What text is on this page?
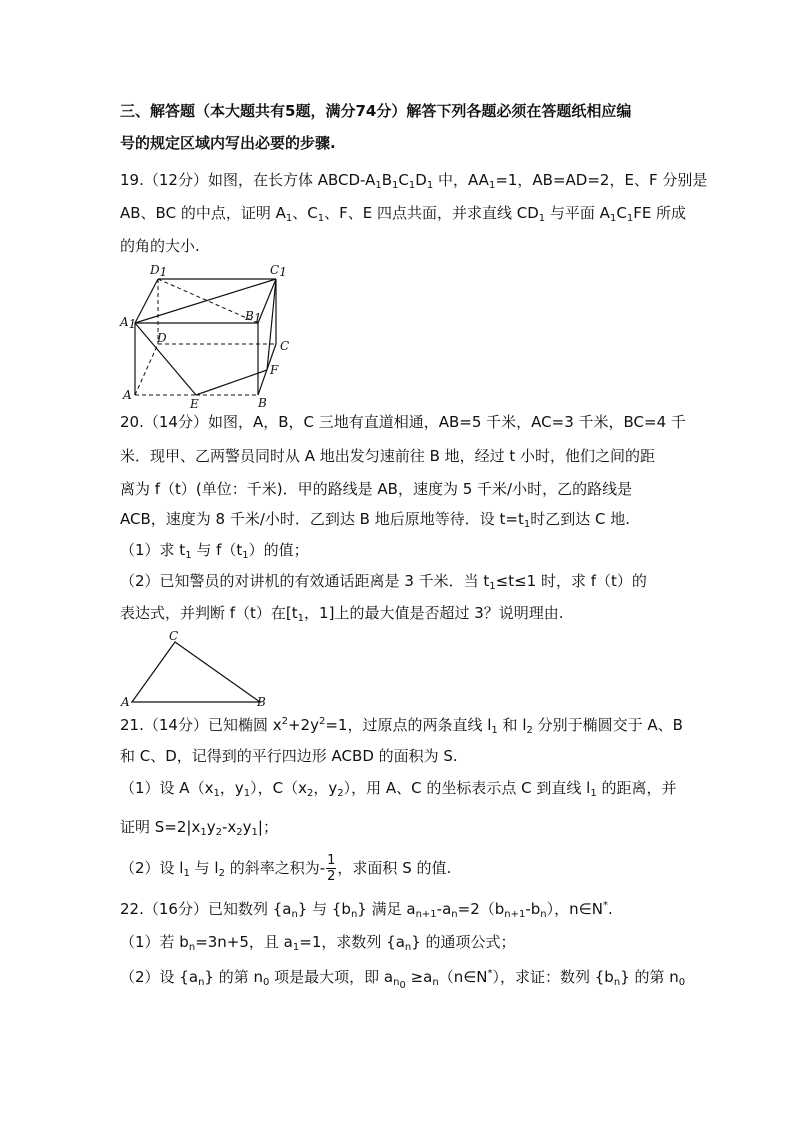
三、解答题（本大题共有5题，满分74分）解答下列各题必须在答题纸相应编
号的规定区域内写出必要的步骤.
19.（12分）如图，在长方体 ABCD-$A_1B_1C_1D_1$ 中，$AA_1=1$，AB=AD=2，E、F 分别是
AB、BC 的中点，证明 $A_1$、$C_1$、F、E 四点共面，并求直线 $CD_1$ 与平面 $A_1C_1FE$ 所成
的角的大小.
D1	C1
A1
B1
D
C
A
B
E
F
20.（14分）如图，A，B，C 三地有直道相通，AB=5 千米，AC=3 千米，BC=4 千
米．现甲、乙两警员同时从 A 地出发匀速前往 B 地，经过 t 小时，他们之间的距
离为 f（t）(单位：千米)．甲的路线是 AB，速度为 5 千米/小时，乙的路线是
ACB，速度为 8 千米/小时．乙到达 B 地后原地等待．设 $t=t_1$时乙到达 C 地.
（1）求 $t_1$ 与 $f(t_1)$的值；
（2）已知警员的对讲机的有效通话距离是 3 千米．当 $t_1\le t\le 1$ 时，求 f（t）的
表达式，并判断 f（t）在[$t_1$，1]上的最大值是否超过 3？说明理由.
C
A	B
21.（14分）已知椭圆 $x^2+2y^2=1$，过原点的两条直线 $l_1$ 和 $l_2$ 分别于椭圆交于 A、B
和 C、D，记得到的平行四边形 ACBD 的面积为 S.
（1）设 $A(x_1$，$y_1$），$C(x_2$，$y_2$），用 A、C 的坐标表示点 C 到直线 $l_1$ 的距离，并
证明 $S=2|x_1y_2-x_2y_1|$；
（2）设 $l_1$ 与 $l_2$ 的斜率之积为- $\frac{1}{2}$ ，求面积 S 的值.
22.（16分）已知数列 $\{a_n\}$ 与 $\{b_n\}$ 满足 $a_{n+1}-a_n=2(b_{n+1}-b_n)$，n∈N*.
（1）若 $b_n=3n+5$，且 $a_1=1$，求数列 $\{a_n\}$ 的通项公式；
（2）设 $\{a_n\}$ 的第 $n_0$ 项是最大项，即 $a_{n_0}$ $\ge a_n(n\in N^*)$，求证：数列 $\{b_n\}$ 的第 $n_0$
